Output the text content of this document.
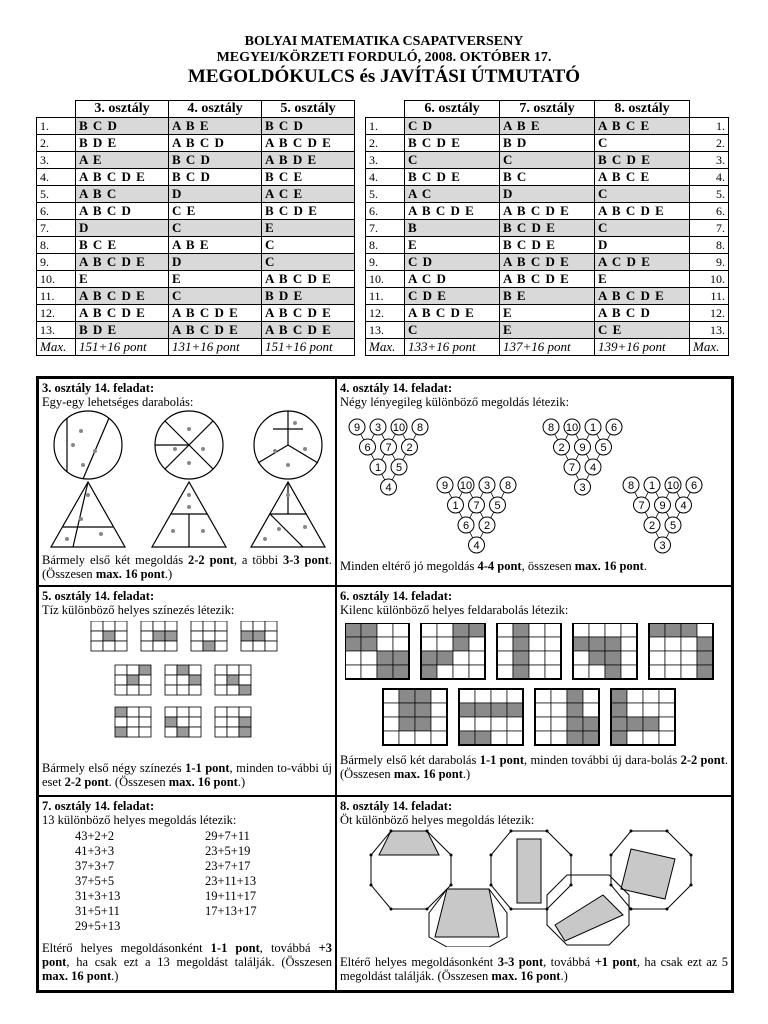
BOLYAI MATEMATIKA CSAPATVERSENY
MEGYEI/KÖRZETI FORDULÓ, 2008. OKTÓBER 17.
MEGOLDÓKULCS és JAVÍTÁSI ÚTMUTATÓ
	3. osztály	4. osztály	5. osztály
1.	B C D	A B E	B C D
2.	B D E	A B C D	A B C D E
3.	A E	B C D	A B D E
4.	A B C D E	B C D	B C E
5.	A B C	D	A C E
6.	A B C D	C E	B C D E
7.	D	C	E
8.	B C E	A B E	C
9.	A B C D E	D	C
10.	E	E	A B C D E
11.	A B C D E	C	B D E
12.	A B C D E	A B C D E	A B C D E
13.	B D E	A B C D E	A B C D E
Max.	151+16 pont	131+16 pont	151+16 pont
	6. osztály	7. osztály	8. osztály	
1.	C D	A B E	A B C E	1.
2.	B C D E	B D	C	2.
3.	C	C	B C D E	3.
4.	B C D E	B C	A B C E	4.
5.	A C	D	C	5.
6.	A B C D E	A B C D E	A B C D E	6.
7.	B	B C D E	C	7.
8.	E	B C D E	D	8.
9.	C D	A B C D E	A C D E	9.
10.	A C D	A B C D E	E	10.
11.	C D E	B E	A B C D E	11.
12.	A B C D E	E	A B C D	12.
13.	C	E	C E	13.
Max.	133+16 pont	137+16 pont	139+16 pont	Max.
3. osztály 14. feladat:
Egy-egy lehetséges darabolás:
Bármely első két megoldás 2-2 pont, a többi 3-3 pont. (Összesen max. 16 pont.)
4. osztály 14. feladat:
Négy lényegileg különböző megoldás létezik:
9 3 10 8
6 7 2
1 5
4
8 10 1 6
2 9 5
7 4
3
9 10 3 8
1 7 5
6 2
4
8 1 10 6
7 9 4
2 5
3
Minden eltérő jó megoldás 4-4 pont, összesen max. 16 pont.
5. osztály 14. feladat:
Tíz különböző helyes színezés létezik:
Bármely első négy színezés 1-1 pont, minden to-vábbi új eset 2-2 pont. (Összesen max. 16 pont.)
6. osztály 14. feladat:
Kilenc különböző helyes feldarabolás létezik:
Bármely első két darabolás 1-1 pont, minden további új dara-bolás 2-2 pont. (Összesen max. 16 pont.)
7. osztály 14. feladat:
13 különböző helyes megoldás létezik:
43+2+2
41+3+3
37+3+7
37+5+5
31+3+13
31+5+11
29+5+13
29+7+11
23+5+19
23+7+17
23+11+13
19+11+17
17+13+17
Eltérő helyes megoldásonként 1-1 pont, továbbá +3 pont, ha csak ezt a 13 megoldást találják. (Összesen max. 16 pont.)
8. osztály 14. feladat:
Öt különböző helyes megoldás létezik:
Eltérő helyes megoldásonként 3-3 pont, továbbá +1 pont, ha csak ezt az 5 megoldást találják. (Összesen max. 16 pont.)
